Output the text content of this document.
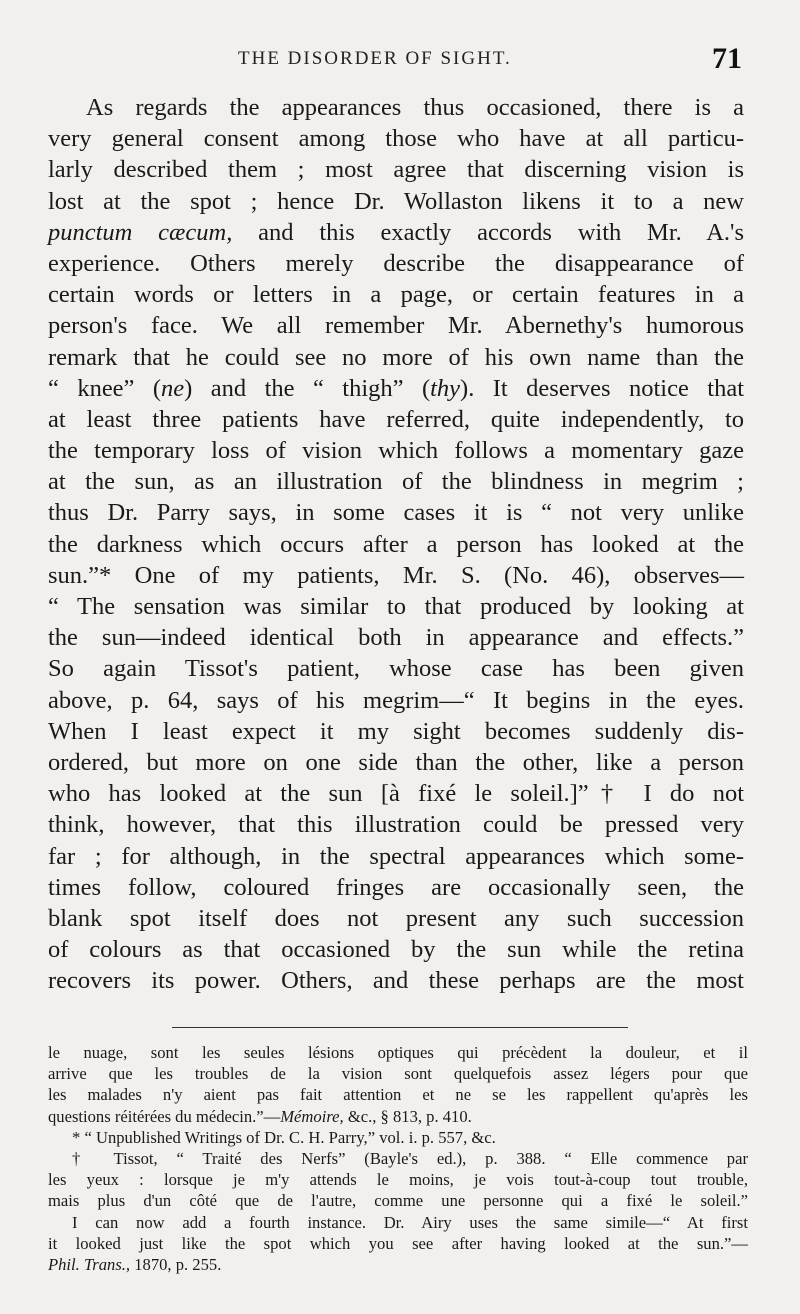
THE DISORDER OF SIGHT.	71
As regards the appearances thus occasioned, there is a
very general consent among those who have at all particu-
larly described them ; most agree that discerning vision is
lost at the spot ; hence Dr. Wollaston likens it to a new
punctum cæcum, and this exactly accords with Mr. A.'s
experience. Others merely describe the disappearance of
certain words or letters in a page, or certain features in a
person's face. We all remember Mr. Abernethy's humorous
remark that he could see no more of his own name than the
“ knee” (ne) and the “ thigh” (thy). It deserves notice that
at least three patients have referred, quite independently, to
the temporary loss of vision which follows a momentary gaze
at the sun, as an illustration of the blindness in megrim ;
thus Dr. Parry says, in some cases it is “ not very unlike
the darkness which occurs after a person has looked at the
sun.”* One of my patients, Mr. S. (No. 46), observes—
“ The sensation was similar to that produced by looking at
the sun—indeed identical both in appearance and effects.”
So again Tissot's patient, whose case has been given
above, p. 64, says of his megrim—“ It begins in the eyes.
When I least expect it my sight becomes suddenly dis-
ordered, but more on one side than the other, like a person
who has looked at the sun [à fixé le soleil.]”† I do not
think, however, that this illustration could be pressed very
far ; for although, in the spectral appearances which some-
times follow, coloured fringes are occasionally seen, the
blank spot itself does not present any such succession
of colours as that occasioned by the sun while the retina
recovers its power. Others, and these perhaps are the most
le nuage, sont les seules lésions optiques qui précèdent la douleur, et il
arrive que les troubles de la vision sont quelquefois assez légers pour que
les malades n'y aient pas fait attention et ne se les rappellent qu'après les
questions réitérées du médecin.”—Mémoire, &c., § 813, p. 410.
* “ Unpublished Writings of Dr. C. H. Parry,” vol. i. p. 557, &c.
† Tissot, “ Traité des Nerfs” (Bayle's ed.), p. 388. “ Elle commence par
les yeux : lorsque je m'y attends le moins, je vois tout-à-coup tout trouble,
mais plus d'un côté que de l'autre, comme une personne qui a fixé le soleil.”
I can now add a fourth instance. Dr. Airy uses the same simile—“ At first
it looked just like the spot which you see after having looked at the sun.”—
Phil. Trans., 1870, p. 255.
